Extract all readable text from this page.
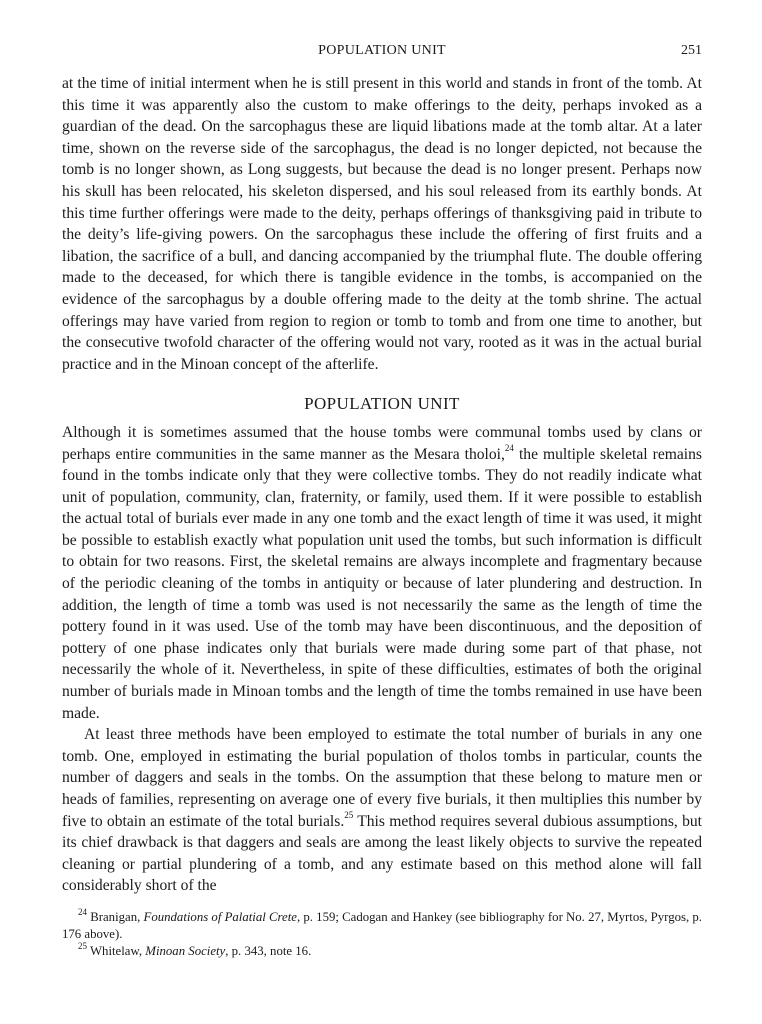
POPULATION UNIT	251

at the time of initial interment when he is still present in this world and stands in front of the tomb. At this time it was apparently also the custom to make offerings to the deity, perhaps invoked as a guardian of the dead. On the sarcophagus these are liquid libations made at the tomb altar. At a later time, shown on the reverse side of the sarcophagus, the dead is no longer depicted, not because the tomb is no longer shown, as Long suggests, but because the dead is no longer present. Perhaps now his skull has been relocated, his skeleton dispersed, and his soul released from its earthly bonds. At this time further offerings were made to the deity, perhaps offerings of thanksgiving paid in tribute to the deity’s life-giving powers. On the sarcophagus these include the offering of first fruits and a libation, the sacrifice of a bull, and dancing accompanied by the triumphal flute. The double offering made to the deceased, for which there is tangible evidence in the tombs, is accompanied on the evidence of the sarcophagus by a double offering made to the deity at the tomb shrine. The actual offerings may have varied from region to region or tomb to tomb and from one time to another, but the consecutive twofold character of the offering would not vary, rooted as it was in the actual burial practice and in the Minoan concept of the afterlife.

POPULATION UNIT

Although it is sometimes assumed that the house tombs were communal tombs used by clans or perhaps entire communities in the same manner as the Mesara tholoi,$^{24}$ the multiple skeletal remains found in the tombs indicate only that they were collective tombs. They do not readily indicate what unit of population, community, clan, fraternity, or family, used them. If it were possible to establish the actual total of burials ever made in any one tomb and the exact length of time it was used, it might be possible to establish exactly what population unit used the tombs, but such information is difficult to obtain for two reasons. First, the skeletal remains are always incomplete and fragmentary because of the periodic cleaning of the tombs in antiquity or because of later plundering and destruction. In addition, the length of time a tomb was used is not necessarily the same as the length of time the pottery found in it was used. Use of the tomb may have been discontinuous, and the deposition of pottery of one phase indicates only that burials were made during some part of that phase, not necessarily the whole of it. Nevertheless, in spite of these difficulties, estimates of both the original number of burials made in Minoan tombs and the length of time the tombs remained in use have been made.

At least three methods have been employed to estimate the total number of burials in any one tomb. One, employed in estimating the burial population of tholos tombs in particular, counts the number of daggers and seals in the tombs. On the assumption that these belong to mature men or heads of families, representing on average one of every five burials, it then multiplies this number by five to obtain an estimate of the total burials.$^{25}$ This method requires several dubious assumptions, but its chief drawback is that daggers and seals are among the least likely objects to survive the repeated cleaning or partial plundering of a tomb, and any estimate based on this method alone will fall considerably short of the

$^{24}$ Branigan, Foundations of Palatial Crete, p. 159; Cadogan and Hankey (see bibliography for No. 27, Myrtos, Pyrgos, p. 176 above).

$^{25}$ Whitelaw, Minoan Society, p. 343, note 16.
